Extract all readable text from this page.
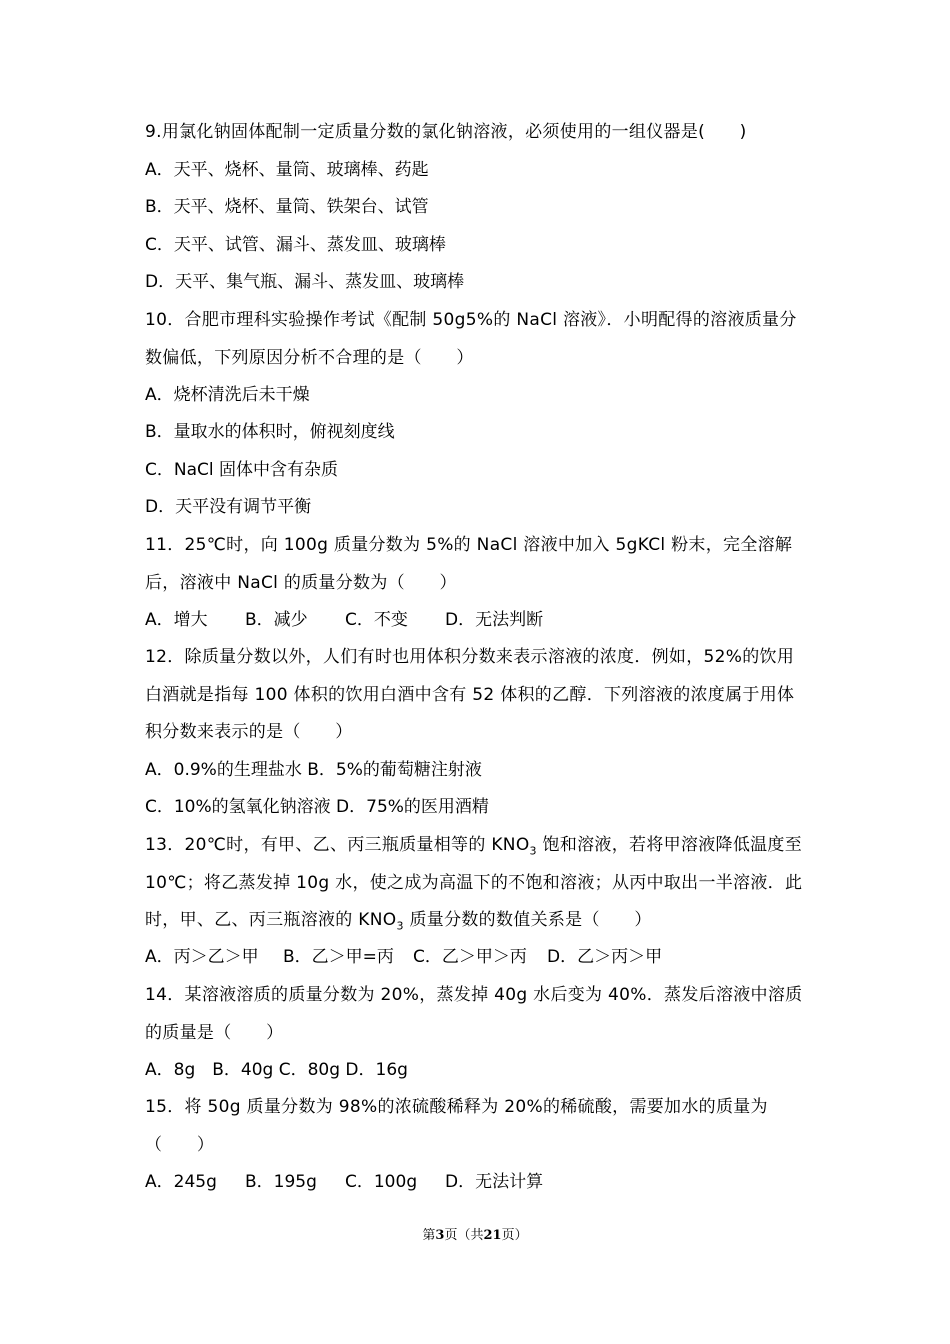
9.用氯化钠固体配制一定质量分数的氯化钠溶液，必须使用的一组仪器是(　　)

A．天平、烧杯、量筒、玻璃棒、药匙

B．天平、烧杯、量筒、铁架台、试管

C．天平、试管、漏斗、蒸发皿、玻璃棒

D．天平、集气瓶、漏斗、蒸发皿、玻璃棒

10．合肥市理科实验操作考试《配制 50g5%的 NaCl 溶液》．小明配得的溶液质量分数偏低，下列原因分析不合理的是（　　）

A．烧杯清洗后未干燥

B．量取水的体积时，俯视刻度线

C．NaCl 固体中含有杂质

D．天平没有调节平衡

11．25℃时，向 100g 质量分数为 5%的 NaCl 溶液中加入 5gKCl 粉末，完全溶解后，溶液中 NaCl 的质量分数为（　　）

A．增大 B．减少 C．不变 D．无法判断

12．除质量分数以外，人们有时也用体积分数来表示溶液的浓度．例如，52%的饮用白酒就是指每 100 体积的饮用白酒中含有 52 体积的乙醇．下列溶液的浓度属于用体积分数来表示的是（　　）

A．0.9%的生理盐水 B．5%的葡萄糖注射液

C．10%的氢氧化钠溶液 D．75%的医用酒精

13．20℃时，有甲、乙、丙三瓶质量相等的 $KNO_3$ 饱和溶液，若将甲溶液降低温度至 10℃；将乙蒸发掉 10g 水，使之成为高温下的不饱和溶液；从丙中取出一半溶液．此时，甲、乙、丙三瓶溶液的 $KNO_3$ 质量分数的数值关系是（　　）

A．丙＞乙＞甲 B．乙＞甲=丙 C．乙＞甲＞丙 D．乙＞丙＞甲

14．某溶液溶质的质量分数为 20%，蒸发掉 40g 水后变为 40%．蒸发后溶液中溶质的质量是（　　）

A．8g　B．40g C．80g D．16g

15．将 50g 质量分数为 98%的浓硫酸稀释为 20%的稀硫酸，需要加水的质量为（　　）

A．245g B．195g C．100g D．无法计算

第3页（共21页）
